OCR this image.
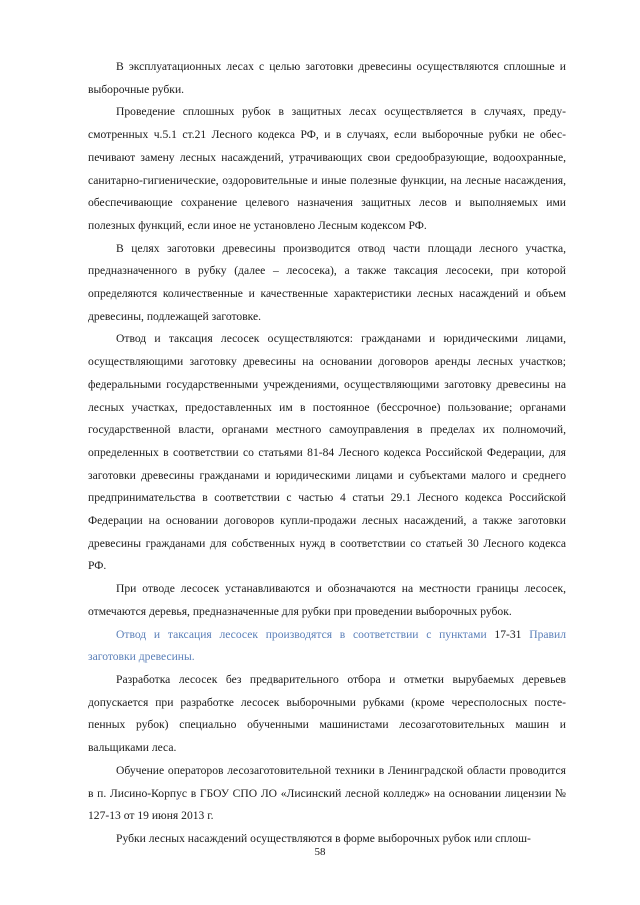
В эксплуатационных лесах с целью заготовки древесины осуществляются сплошные и выборочные рубки.

Проведение сплошных рубок в защитных лесах осуществляется в случаях, предусмотренных ч.5.1 ст.21 Лесного кодекса РФ, и в случаях, если выборочные рубки не обеспечивают замену лесных насаждений, утрачивающих свои средообразующие, водоохранные, санитарно-гигиенические, оздоровительные и иные полезные функции, на лесные насаждения, обеспечивающие сохранение целевого назначения защитных лесов и выполняемых ими полезных функций, если иное не установлено Лесным кодексом РФ.

В целях заготовки древесины производится отвод части площади лесного участка, предназначенного в рубку (далее – лесосека), а также таксация лесосеки, при которой определяются количественные и качественные характеристики лесных насаждений и объем древесины, подлежащей заготовке.

Отвод и таксация лесосек осуществляются: гражданами и юридическими лицами, осуществляющими заготовку древесины на основании договоров аренды лесных участков; федеральными государственными учреждениями, осуществляющими заготовку древесины на лесных участках, предоставленных им в постоянное (бессрочное) пользование; органами государственной власти, органами местного самоуправления в пределах их полномочий, определенных в соответствии со статьями 81-84 Лесного кодекса Российской Федерации, для заготовки древесины гражданами и юридическими лицами и субъектами малого и среднего предпринимательства в соответствии с частью 4 статьи 29.1 Лесного кодекса Российской Федерации на основании договоров купли-продажи лесных насаждений, а также заготовки древесины гражданами для собственных нужд в соответствии со статьей 30 Лесного кодекса РФ.

При отводе лесосек устанавливаются и обозначаются на местности границы лесосек, отмечаются деревья, предназначенные для рубки при проведении выборочных рубок.

Отвод и таксация лесосек производятся в соответствии с пунктами 17-31 Правил заготовки древесины.

Разработка лесосек без предварительного отбора и отметки вырубаемых деревьев допускается при разработке лесосек выборочными рубками (кроме чересполосных постепенных рубок) специально обученными машинистами лесозаготовительных машин и вальщиками леса.

Обучение операторов лесозаготовительной техники в Ленинградской области проводится в п. Лисино-Корпус в ГБОУ СПО ЛО «Лисинский лесной колледж» на основании лицензии № 127-13 от 19 июня 2013 г.

Рубки лесных насаждений осуществляются в форме выборочных рубок или сплош-

58
